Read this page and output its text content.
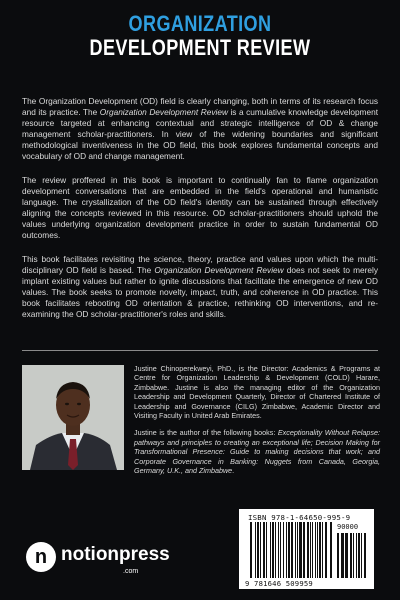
ORGANIZATION
DEVELOPMENT REVIEW

The Organization Development (OD) field is clearly changing, both in terms of its research focus and its practice. The Organization Development Review is a cumulative knowledge development resource targeted at enhancing contextual and strategic intelligence of OD & change management scholar-practitioners. In view of the widening boundaries and significant methodological inventiveness in the OD field, this book explores fundamental concepts and vocabulary of OD and change management.

The review proffered in this book is important to continually fan to flame organization development conversations that are embedded in the field's operational and humanistic language. The crystallization of the OD field's identity can be sustained through effectively aligning the concepts reviewed in this resource. OD scholar-practitioners should uphold the values underlying organization development practice in order to sustain fundamental OD outcomes.

This book facilitates revisiting the science, theory, practice and values upon which the multi-disciplinary OD field is based. The Organization Development Review does not seek to merely implant existing values but rather to ignite discussions that facilitate the emergence of new OD values. The book seeks to promote novelty, impact, truth, and coherence in OD practice. This book facilitates rebooting OD orientation & practice, rethinking OD interventions, and re-examining the OD scholar-practitioner's roles and skills.

Justine Chinoperekweyi, PhD., is the Director: Academics & Programs at Centre for Organization Leadership & Development (COLD) Harare, Zimbabwe. Justine is also the managing editor of the Organization Leadership and Development Quarterly, Director of Chartered Institute of Leadership and Governance (CILG) Zimbabwe, Academic Director and Visiting Faculty in United Arab Emirates.

Justine is the author of the following books: Exceptionality Without Relapse: pathways and principles to creating an exceptional life; Decision Making for Transformational Presence: Guide to making decisions that work; and Corporate Governance in Banking: Nuggets from Canada, Georgia, Germany, U.K., and Zimbabwe.

n notionpress
.com
ISBN 978-1-64650-995-9
90000
9 781646 509959
